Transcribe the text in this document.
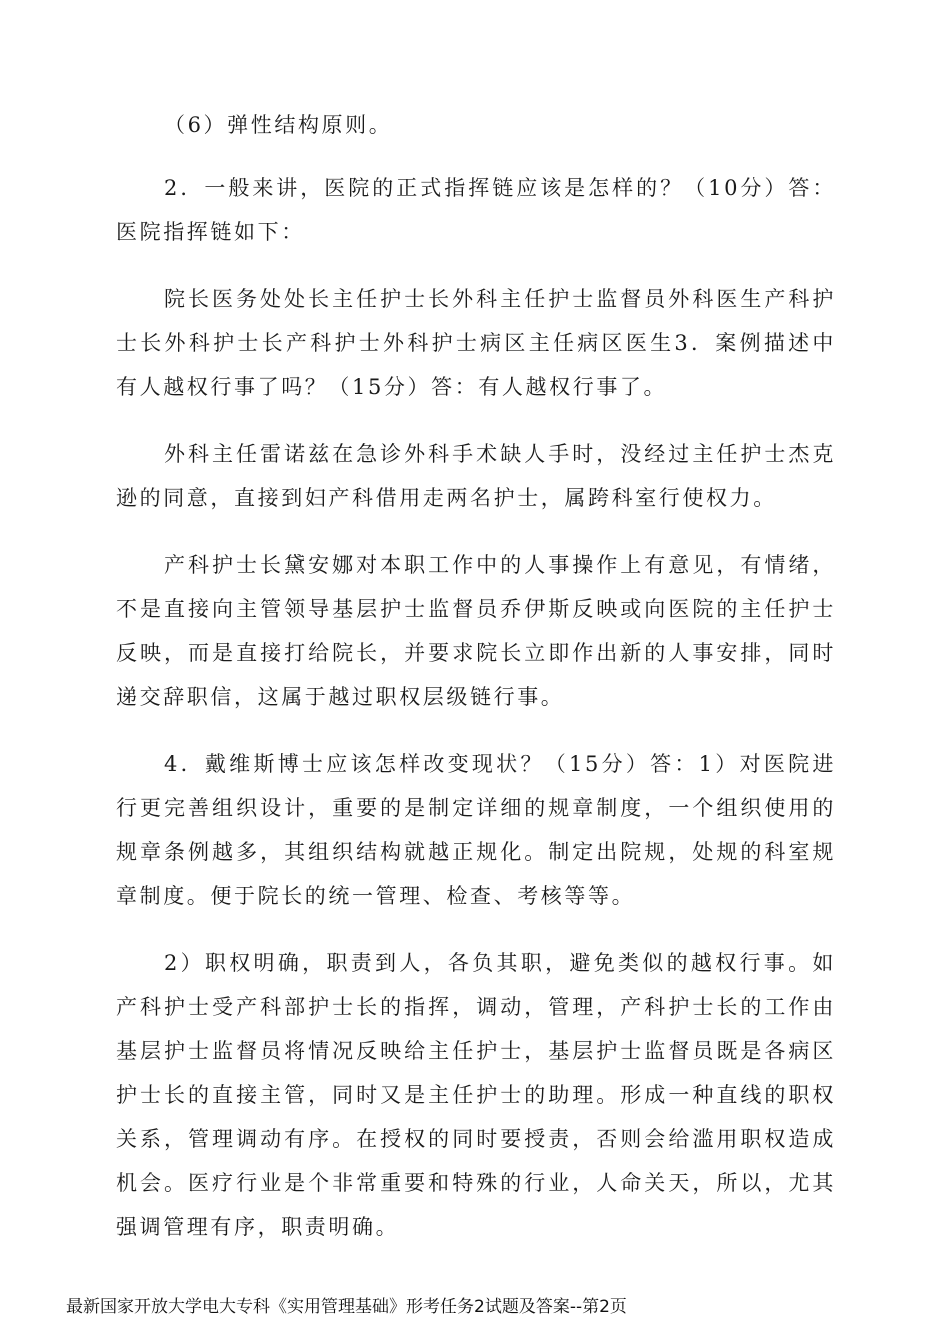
（6）弹性结构原则。

2．一般来讲，医院的正式指挥链应该是怎样的？（10分）答：医院指挥链如下：

院长医务处处长主任护士长外科主任护士监督员外科医生产科护士长外科护士长产科护士外科护士病区主任病区医生3．案例描述中有人越权行事了吗？（15分）答：有人越权行事了。

外科主任雷诺兹在急诊外科手术缺人手时，没经过主任护士杰克逊的同意，直接到妇产科借用走两名护士，属跨科室行使权力。

产科护士长黛安娜对本职工作中的人事操作上有意见，有情绪，不是直接向主管领导基层护士监督员乔伊斯反映或向医院的主任护士反映，而是直接打给院长，并要求院长立即作出新的人事安排，同时递交辞职信，这属于越过职权层级链行事。

4．戴维斯博士应该怎样改变现状？（15分）答：1）对医院进行更完善组织设计，重要的是制定详细的规章制度，一个组织使用的规章条例越多，其组织结构就越正规化。制定出院规，处规的科室规章制度。便于院长的统一管理、检查、考核等等。

2）职权明确，职责到人，各负其职，避免类似的越权行事。如产科护士受产科部护士长的指挥，调动，管理，产科护士长的工作由基层护士监督员将情况反映给主任护士，基层护士监督员既是各病区护士长的直接主管，同时又是主任护士的助理。形成一种直线的职权关系，管理调动有序。在授权的同时要授责，否则会给滥用职权造成机会。医疗行业是个非常重要和特殊的行业，人命关天，所以，尤其强调管理有序，职责明确。

最新国家开放大学电大专科《实用管理基础》形考任务2试题及答案--第2页
